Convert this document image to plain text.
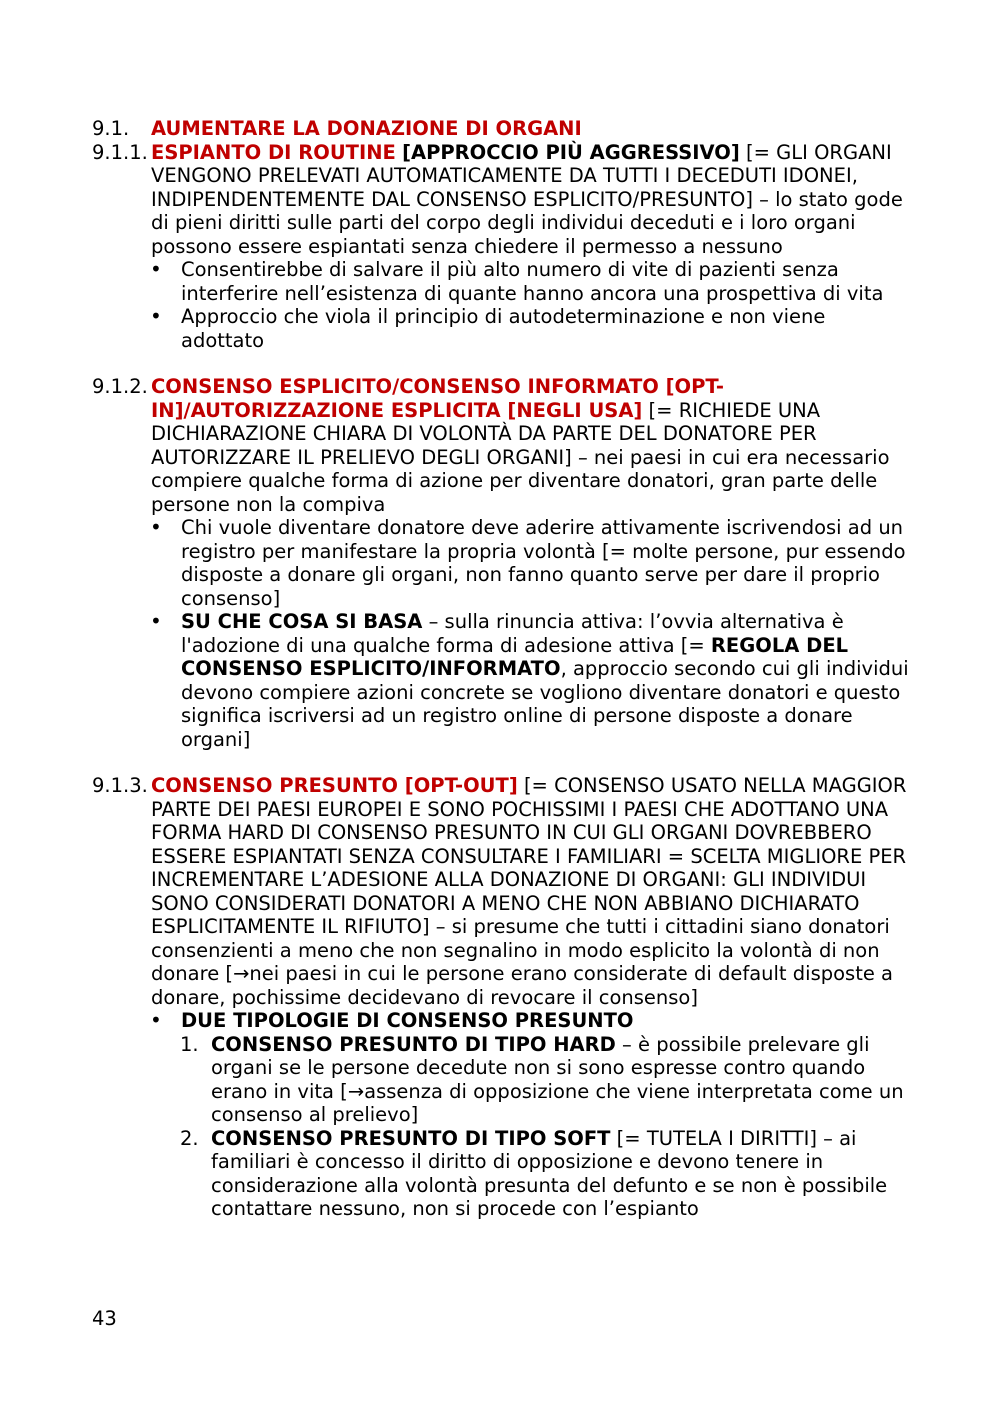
9.1. AUMENTARE LA DONAZIONE DI ORGANI
9.1.1. ESPIANTO DI ROUTINE [APPROCCIO PIÙ AGGRESSIVO] [= GLI ORGANI VENGONO PRELEVATI AUTOMATICAMENTE DA TUTTI I DECEDUTI IDONEI, INDIPENDENTEMENTE DAL CONSENSO ESPLICITO/PRESUNTO] – lo stato gode di pieni diritti sulle parti del corpo degli individui deceduti e i loro organi possono essere espiantati senza chiedere il permesso a nessuno
• Consentirebbe di salvare il più alto numero di vite di pazienti senza interferire nell’esistenza di quante hanno ancora una prospettiva di vita
• Approccio che viola il principio di autodeterminazione e non viene adottato
9.1.2. CONSENSO ESPLICITO/CONSENSO INFORMATO [OPT-IN]/AUTORIZZAZIONE ESPLICITA [NEGLI USA] [= RICHIEDE UNA DICHIARAZIONE CHIARA DI VOLONTÀ DA PARTE DEL DONATORE PER AUTORIZZARE IL PRELIEVO DEGLI ORGANI] – nei paesi in cui era necessario compiere qualche forma di azione per diventare donatori, gran parte delle persone non la compiva
• Chi vuole diventare donatore deve aderire attivamente iscrivendosi ad un registro per manifestare la propria volontà [= molte persone, pur essendo disposte a donare gli organi, non fanno quanto serve per dare il proprio consenso]
• SU CHE COSA SI BASA – sulla rinuncia attiva: l’ovvia alternativa è l'adozione di una qualche forma di adesione attiva [= REGOLA DEL CONSENSO ESPLICITO/INFORMATO, approccio secondo cui gli individui devono compiere azioni concrete se vogliono diventare donatori e questo significa iscriversi ad un registro online di persone disposte a donare organi]
9.1.3. CONSENSO PRESUNTO [OPT-OUT] [= CONSENSO USATO NELLA MAGGIOR PARTE DEI PAESI EUROPEI E SONO POCHISSIMI I PAESI CHE ADOTTANO UNA FORMA HARD DI CONSENSO PRESUNTO IN CUI GLI ORGANI DOVREBBERO ESSERE ESPIANTATI SENZA CONSULTARE I FAMILIARI = SCELTA MIGLIORE PER INCREMENTARE L’ADESIONE ALLA DONAZIONE DI ORGANI: GLI INDIVIDUI SONO CONSIDERATI DONATORI A MENO CHE NON ABBIANO DICHIARATO ESPLICITAMENTE IL RIFIUTO] – si presume che tutti i cittadini siano donatori consenzienti a meno che non segnalino in modo esplicito la volontà di non donare [→nei paesi in cui le persone erano considerate di default disposte a donare, pochissime decidevano di revocare il consenso]
• DUE TIPOLOGIE DI CONSENSO PRESUNTO
1. CONSENSO PRESUNTO DI TIPO HARD – è possibile prelevare gli organi se le persone decedute non si sono espresse contro quando erano in vita [→assenza di opposizione che viene interpretata come un consenso al prelievo]
2. CONSENSO PRESUNTO DI TIPO SOFT [= TUTELA I DIRITTI] – ai familiari è concesso il diritto di opposizione e devono tenere in considerazione alla volontà presunta del defunto e se non è possibile contattare nessuno, non si procede con l’espianto
43
